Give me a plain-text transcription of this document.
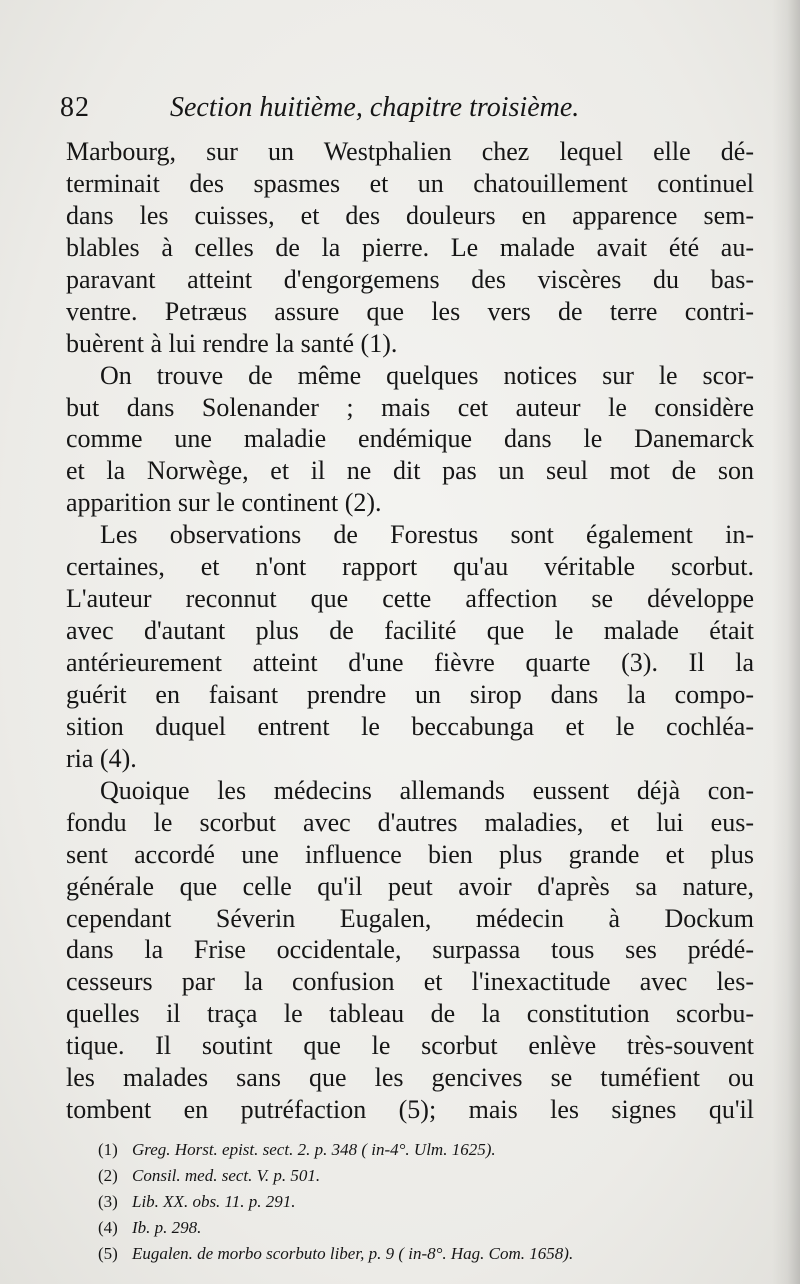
82	Section huitième, chapitre troisième.
Marbourg, sur un Westphalien chez lequel elle dé-
terminait des spasmes et un chatouillement continuel
dans les cuisses, et des douleurs en apparence sem-
blables à celles de la pierre. Le malade avait été au-
paravant atteint d'engorgemens des viscères du bas-
ventre. Petræus assure que les vers de terre contri-
buèrent à lui rendre la santé (1).
On trouve de même quelques notices sur le scor-
but dans Solenander ; mais cet auteur le considère
comme une maladie endémique dans le Danemarck
et la Norwège, et il ne dit pas un seul mot de son
apparition sur le continent (2).
Les observations de Forestus sont également in-
certaines, et n'ont rapport qu'au véritable scorbut.
L'auteur reconnut que cette affection se développe
avec d'autant plus de facilité que le malade était
antérieurement atteint d'une fièvre quarte (3). Il la
guérit en faisant prendre un sirop dans la compo-
sition duquel entrent le beccabunga et le cochléa-
ria (4).
Quoique les médecins allemands eussent déjà con-
fondu le scorbut avec d'autres maladies, et lui eus-
sent accordé une influence bien plus grande et plus
générale que celle qu'il peut avoir d'après sa nature,
cependant Séverin Eugalen, médecin à Dockum
dans la Frise occidentale, surpassa tous ses prédé-
cesseurs par la confusion et l'inexactitude avec les-
quelles il traça le tableau de la constitution scorbu-
tique. Il soutint que le scorbut enlève très-souvent
les malades sans que les gencives se tuméfient ou
tombent en putréfaction (5); mais les signes qu'il
(1) Greg. Horst. epist. sect. 2. p. 348 ( in-4°. Ulm. 1625).
(2) Consil. med. sect. V. p. 501.
(3) Lib. XX. obs. 11. p. 291.
(4) Ib. p. 298.
(5) Eugalen. de morbo scorbuto liber, p. 9 ( in-8°. Hag. Com. 1658).
